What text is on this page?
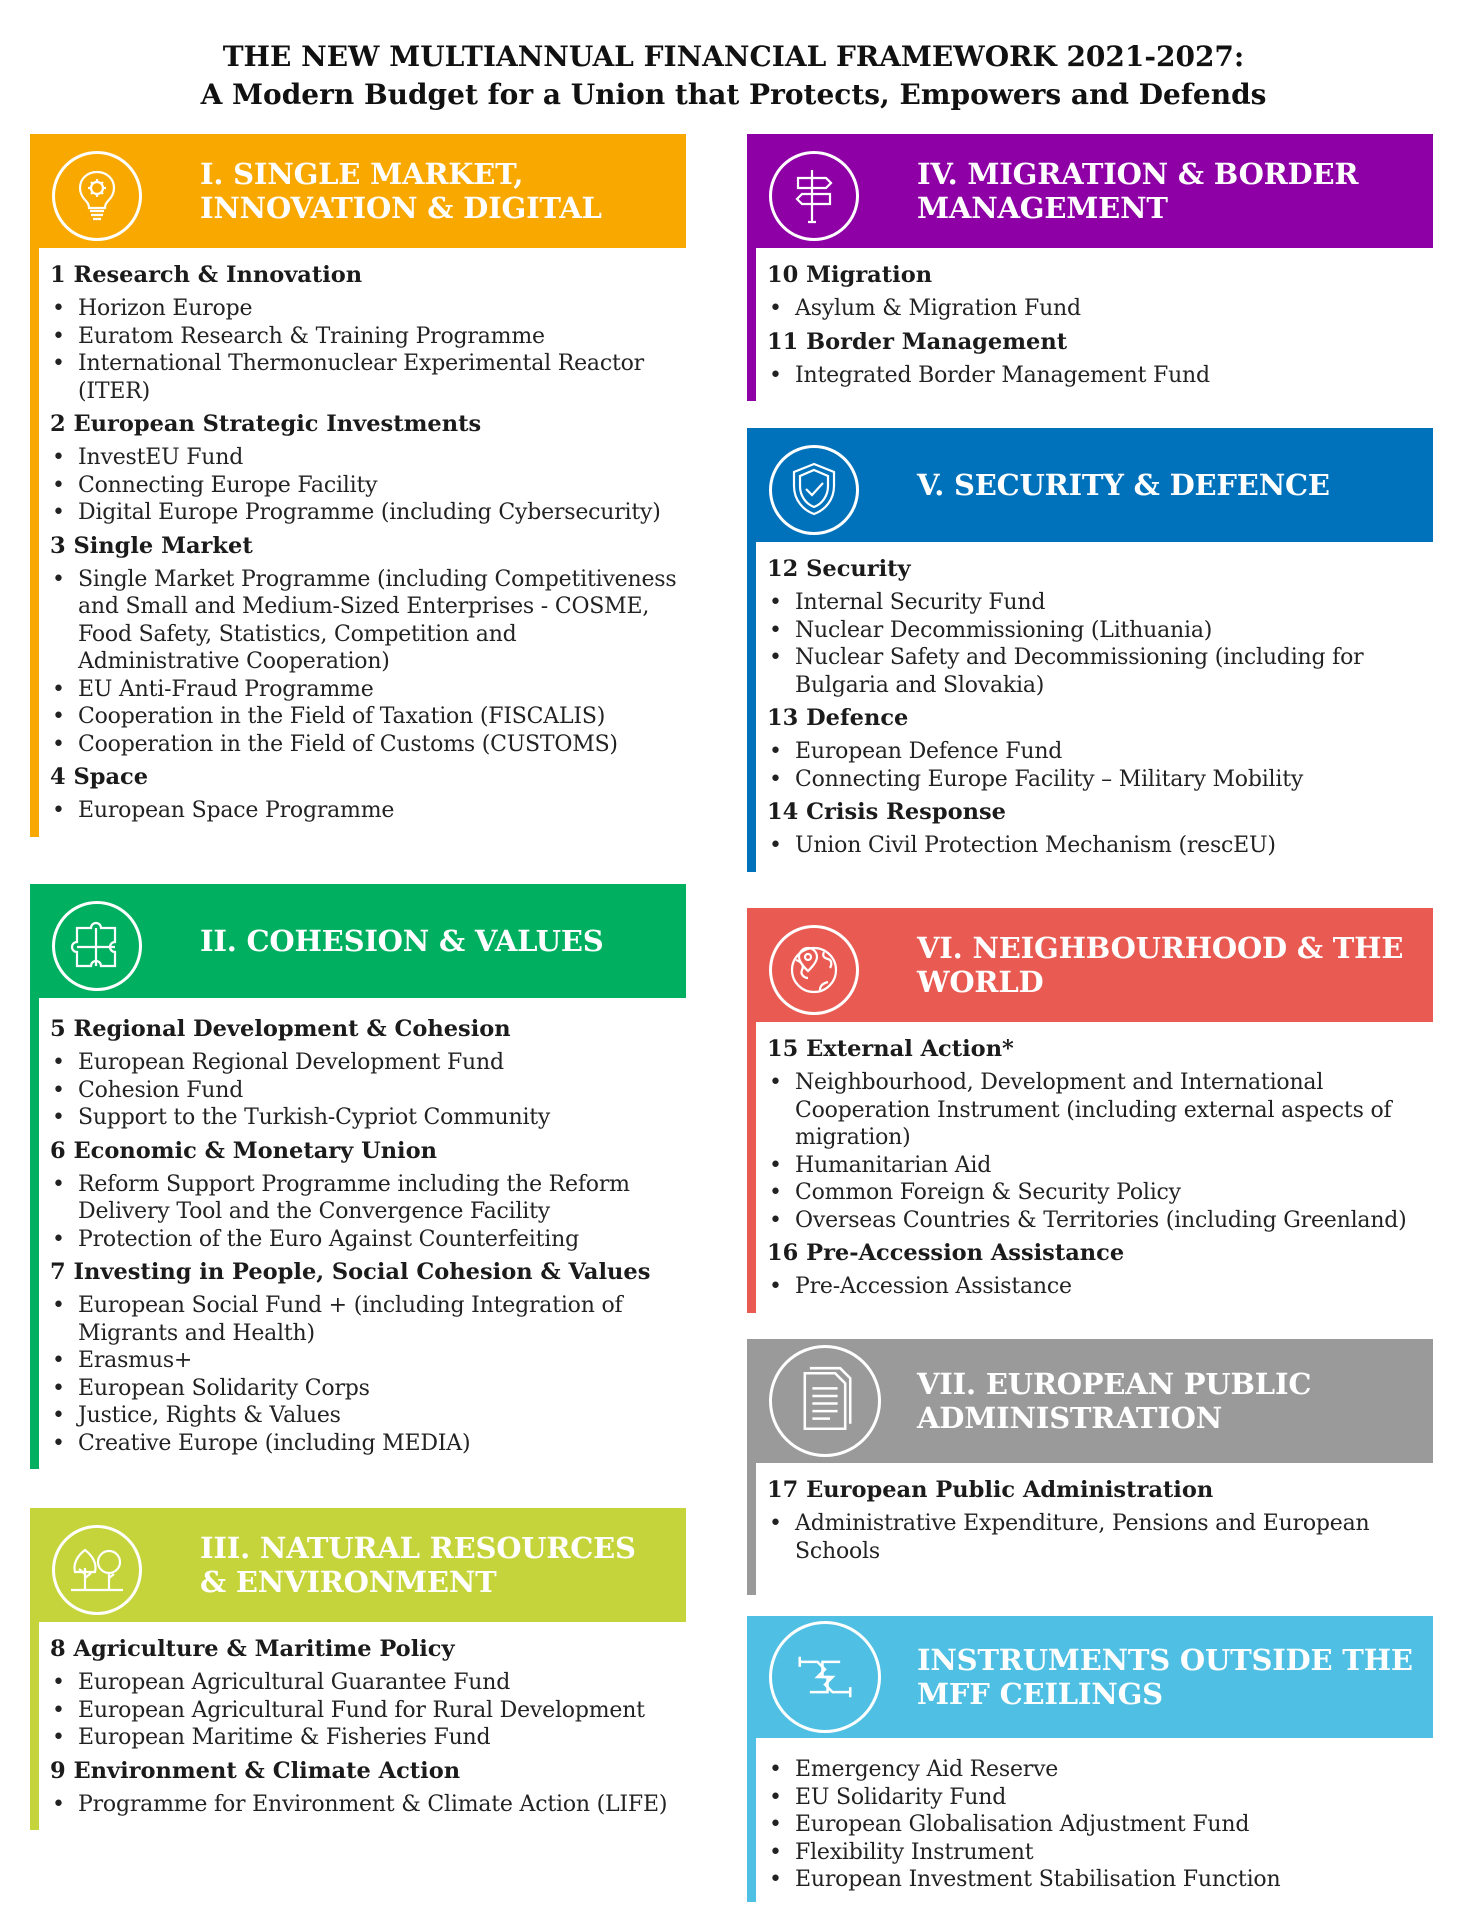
THE NEW MULTIANNUAL FINANCIAL FRAMEWORK 2021-2027:
A Modern Budget for a Union that Protects, Empowers and Defends
I. SINGLE MARKET, INNOVATION & DIGITAL
1 Research & Innovation
• Horizon Europe
• Euratom Research & Training Programme
• International Thermonuclear Experimental Reactor (ITER)
2 European Strategic Investments
• InvestEU Fund
• Connecting Europe Facility
• Digital Europe Programme (including Cybersecurity)
3 Single Market
• Single Market Programme (including Competitiveness and Small and Medium-Sized Enterprises - COSME, Food Safety, Statistics, Competition and Administrative Cooperation)
• EU Anti-Fraud Programme
• Cooperation in the Field of Taxation (FISCALIS)
• Cooperation in the Field of Customs (CUSTOMS)
4 Space
• European Space Programme
II. COHESION & VALUES
5 Regional Development & Cohesion
• European Regional Development Fund
• Cohesion Fund
• Support to the Turkish-Cypriot Community
6 Economic & Monetary Union
• Reform Support Programme including the Reform Delivery Tool and the Convergence Facility
• Protection of the Euro Against Counterfeiting
7 Investing in People, Social Cohesion & Values
• European Social Fund + (including Integration of Migrants and Health)
• Erasmus+
• European Solidarity Corps
• Justice, Rights & Values
• Creative Europe (including MEDIA)
III. NATURAL RESOURCES & ENVIRONMENT
8 Agriculture & Maritime Policy
• European Agricultural Guarantee Fund
• European Agricultural Fund for Rural Development
• European Maritime & Fisheries Fund
9 Environment & Climate Action
• Programme for Environment & Climate Action (LIFE)
IV. MIGRATION & BORDER MANAGEMENT
10 Migration
• Asylum & Migration Fund
11 Border Management
• Integrated Border Management Fund
V. SECURITY & DEFENCE
12 Security
• Internal Security Fund
• Nuclear Decommissioning (Lithuania)
• Nuclear Safety and Decommissioning (including for Bulgaria and Slovakia)
13 Defence
• European Defence Fund
• Connecting Europe Facility – Military Mobility
14 Crisis Response
• Union Civil Protection Mechanism (rescEU)
VI. NEIGHBOURHOOD & THE WORLD
15 External Action*
• Neighbourhood, Development and International Cooperation Instrument (including external aspects of migration)
• Humanitarian Aid
• Common Foreign & Security Policy
• Overseas Countries & Territories (including Greenland)
16 Pre-Accession Assistance
• Pre-Accession Assistance
VII. EUROPEAN PUBLIC ADMINISTRATION
17 European Public Administration
• Administrative Expenditure, Pensions and European Schools
INSTRUMENTS OUTSIDE THE MFF CEILINGS
• Emergency Aid Reserve
• EU Solidarity Fund
• European Globalisation Adjustment Fund
• Flexibility Instrument
• European Investment Stabilisation Function
